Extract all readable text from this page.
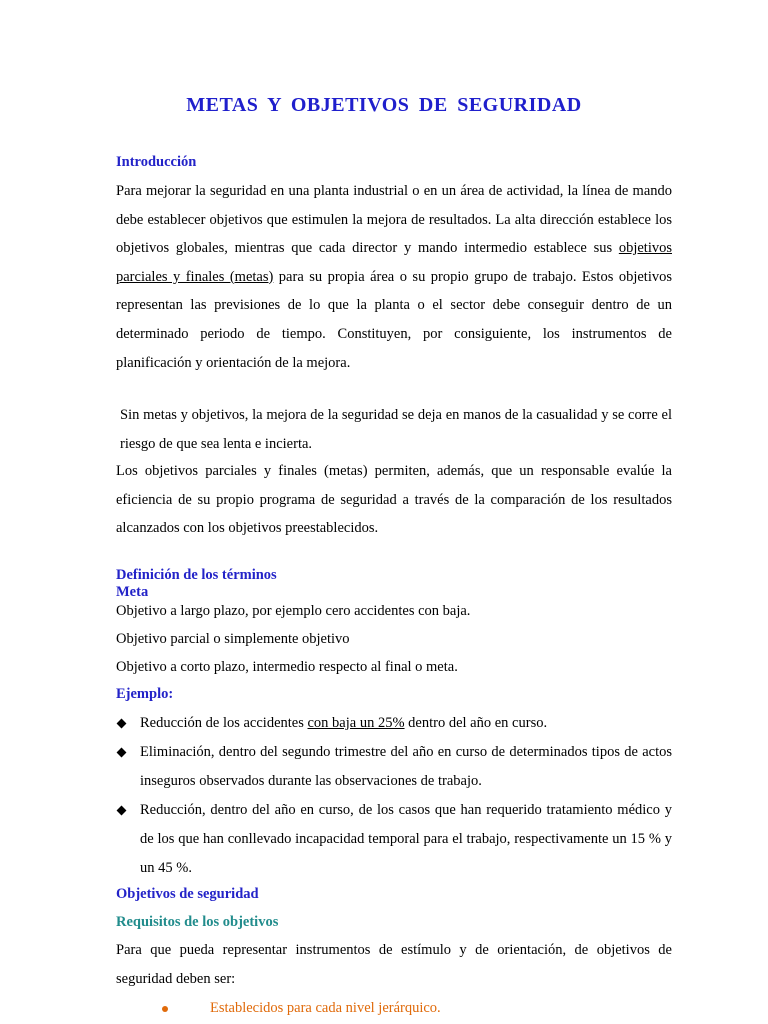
METAS Y OBJETIVOS DE SEGURIDAD
Introducción
Para mejorar la seguridad en una planta industrial o en un área de actividad, la línea de mando debe establecer objetivos que estimulen la mejora de resultados. La alta dirección establece los objetivos globales, mientras que cada director y mando intermedio establece sus objetivos parciales y finales (metas) para su propia área o su propio grupo de trabajo. Estos objetivos representan las previsiones de lo que la planta o el sector debe conseguir dentro de un determinado periodo de tiempo. Constituyen, por consiguiente, los instrumentos de planificación y orientación de la mejora.
Sin metas y objetivos, la mejora de la seguridad se deja en manos de la casualidad y se corre el riesgo de que sea lenta e incierta.
Los objetivos parciales y finales (metas) permiten, además, que un responsable evalúe la eficiencia de su propio programa de seguridad a través de la comparación de los resultados alcanzados con los objetivos preestablecidos.
Definición de los términos
Meta
Objetivo a largo plazo, por ejemplo cero accidentes con baja.
Objetivo parcial o simplemente objetivo
Objetivo a corto plazo, intermedio respecto al final o meta.
Ejemplo:
Reducción de los accidentes con baja un 25% dentro del año en curso.
Eliminación, dentro del segundo trimestre del año en curso de determinados tipos de actos inseguros observados durante las observaciones de trabajo.
Reducción, dentro del año en curso, de los casos que han requerido tratamiento médico y de los que han conllevado incapacidad temporal para el trabajo, respectivamente un 15 % y un 45 %.
Objetivos de seguridad
Requisitos de los objetivos
Para que pueda representar instrumentos de estímulo y de orientación, de objetivos de seguridad deben ser:
Establecidos para cada nivel jerárquico.
